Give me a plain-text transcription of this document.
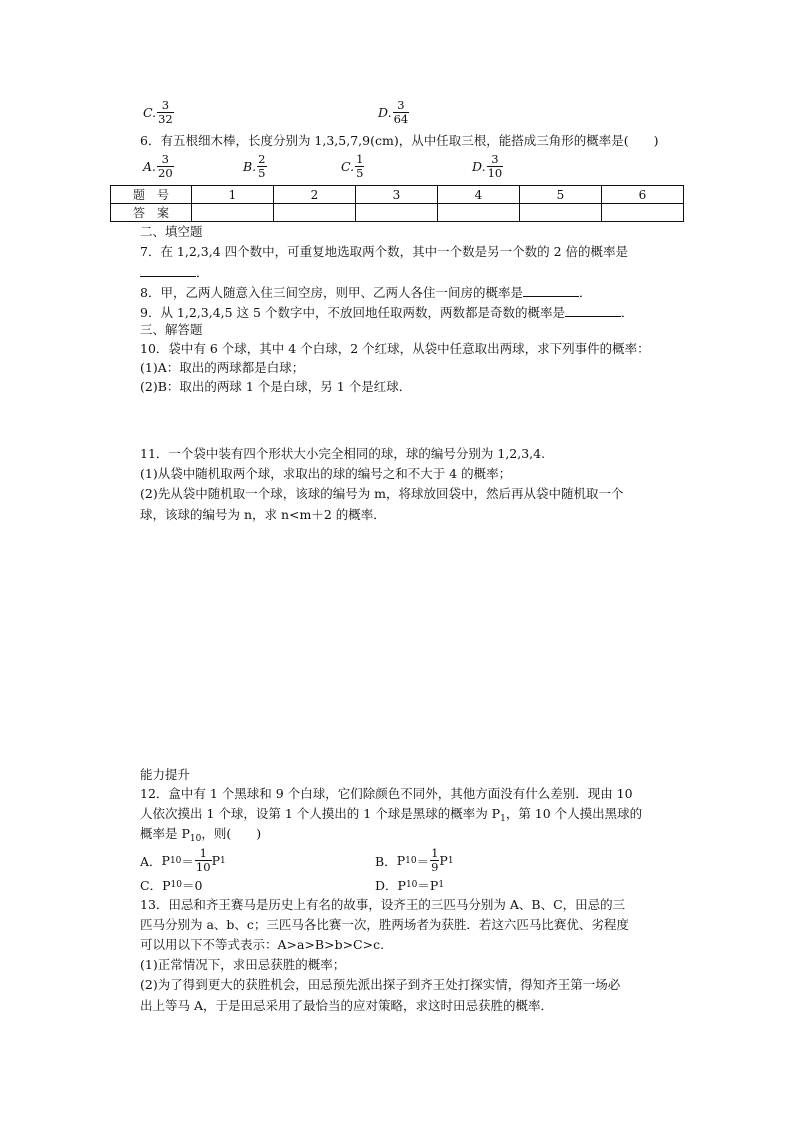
C. $\frac{3}{32}$	D. $\frac{3}{64}$
6．有五根细木棒，长度分别为 1,3,5,7,9(cm)，从中任取三根，能搭成三角形的概率是(　　)
A. $\frac{3}{20}$	B. $\frac{2}{5}$	C. $\frac{1}{5}$	D. $\frac{3}{10}$
题　号	1	2	3	4	5	6
答　案						
二、填空题
7．在 1,2,3,4 四个数中，可重复地选取两个数，其中一个数是另一个数的 2 倍的概率是
．
8．甲，乙两人随意入住三间空房，则甲、乙两人各住一间房的概率是	．
9．从 1,2,3,4,5 这 5 个数字中，不放回地任取两数，两数都是奇数的概率是	．
三、解答题
10．袋中有 6 个球，其中 4 个白球，2 个红球，从袋中任意取出两球，求下列事件的概率：
(1)A：取出的两球都是白球；
(2)B：取出的两球 1 个是白球，另 1 个是红球．
11．一个袋中装有四个形状大小完全相同的球，球的编号分别为 1,2,3,4.
(1)从袋中随机取两个球，求取出的球的编号之和不大于 4 的概率；
(2)先从袋中随机取一个球，该球的编号为 m，将球放回袋中，然后再从袋中随机取一个
球，该球的编号为 n，求 n<m＋2 的概率．
能力提升
12．盒中有 1 个黑球和 9 个白球，它们除颜色不同外，其他方面没有什么差别．现由 10
人依次摸出 1 个球，设第 1 个人摸出的 1 个球是黑球的概率为 $P_1$，第 10 个人摸出黑球的
概率是 $P_{10}$，则(　　)
A． P $10 = \frac{1}{10}$ P 1	B． P $10 = \frac{1}{9}$ P 1
C． P 10 ＝ 0	D． P 10 ＝ P 1
13．田忌和齐王赛马是历史上有名的故事，设齐王的三匹马分别为 A、B、C，田忌的三
匹马分别为 a、b、c；三匹马各比赛一次，胜两场者为获胜．若这六匹马比赛优、劣程度
可以用以下不等式表示：A>a>B>b>C>c.
(1)正常情况下，求田忌获胜的概率；
(2)为了得到更大的获胜机会，田忌预先派出探子到齐王处打探实情，得知齐王第一场必
出上等马 A，于是田忌采用了最恰当的应对策略，求这时田忌获胜的概率．
